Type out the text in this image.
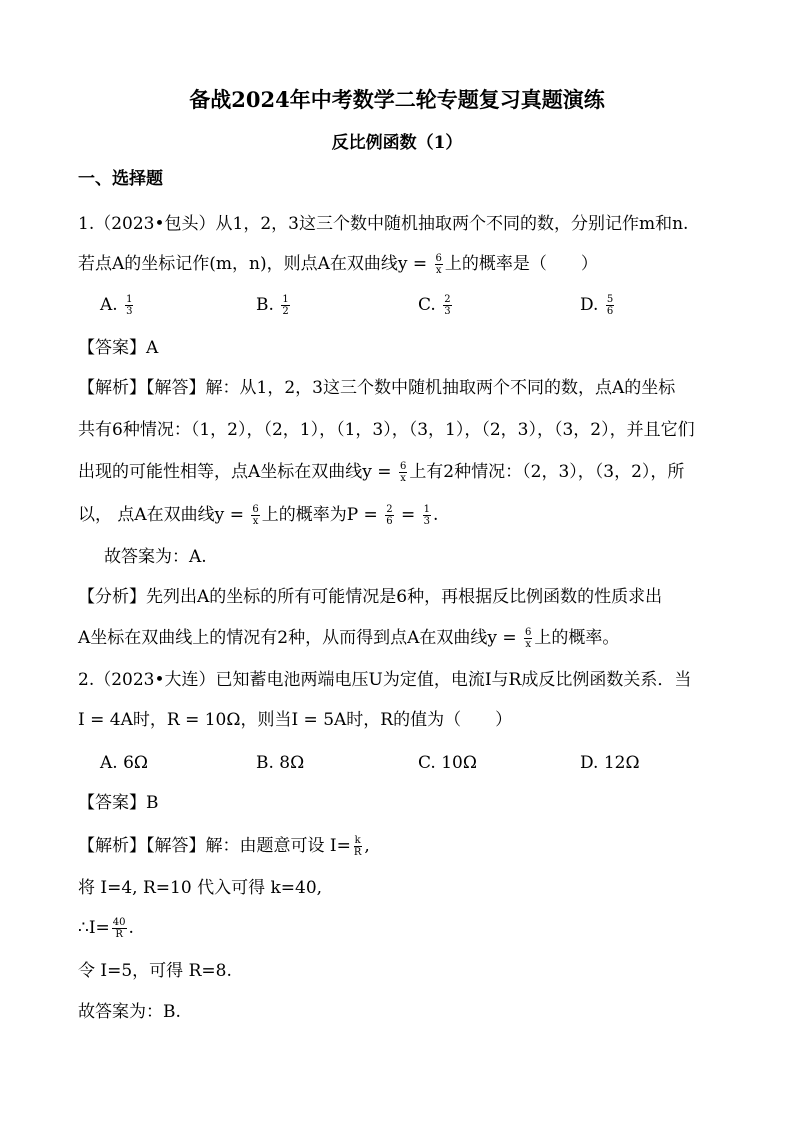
备战2024年中考数学二轮专题复习真题演练
反比例函数（1）
一、选择题
1.（2023•包头）从1，2，3这三个数中随机抽取两个不同的数，分别记作m和n.
若点A的坐标记作(m，n)，则点A在双曲线$y = \frac{6}{x}$ 上的概率是（　　）
A. $\frac{1}{3}$	B. $\frac{1}{2}$	C. $\frac{2}{3}$	D. $\frac{5}{6}$
【答案】A
【解析】【解答】解：从1，2，3这三个数中随机抽取两个不同的数，点A的坐标
共有6种情况：（1，2），（2，1），（1，3），（3，1），（2，3），（3，2），并且它们
出现的可能性相等，点A坐标在双曲线$y = \frac{6}{x}$ 上有2种情况：（2，3），（3，2），所
以， 点A在双曲线$y = \frac{6}{x}$ 上的概率为$P = \frac{2}{6} = \frac{1}{3}$ .
故答案为：A.
【分析】先列出A的坐标的所有可能情况是6种，再根据反比例函数的性质求出
A坐标在双曲线上的情况有2种，从而得到点A在双曲线$y = \frac{6}{x}$ 上的概率。
2.（2023•大连）已知蓄电池两端电压U为定值，电流I与R成反比例函数关系．当
I = 4A时，R = 10Ω，则当I = 5A时，R的值为（　　）
A. 6Ω	B. 8Ω	C. 10Ω	D. 12Ω
【答案】B
【解析】【解答】解：由题意可设 $I= \frac{k}{R}$ ,
将 I=4, R=10 代入可得 k=40,
∴I= $\frac{40}{R}$ .
令 I=5，可得 R=8.
故答案为：B.
